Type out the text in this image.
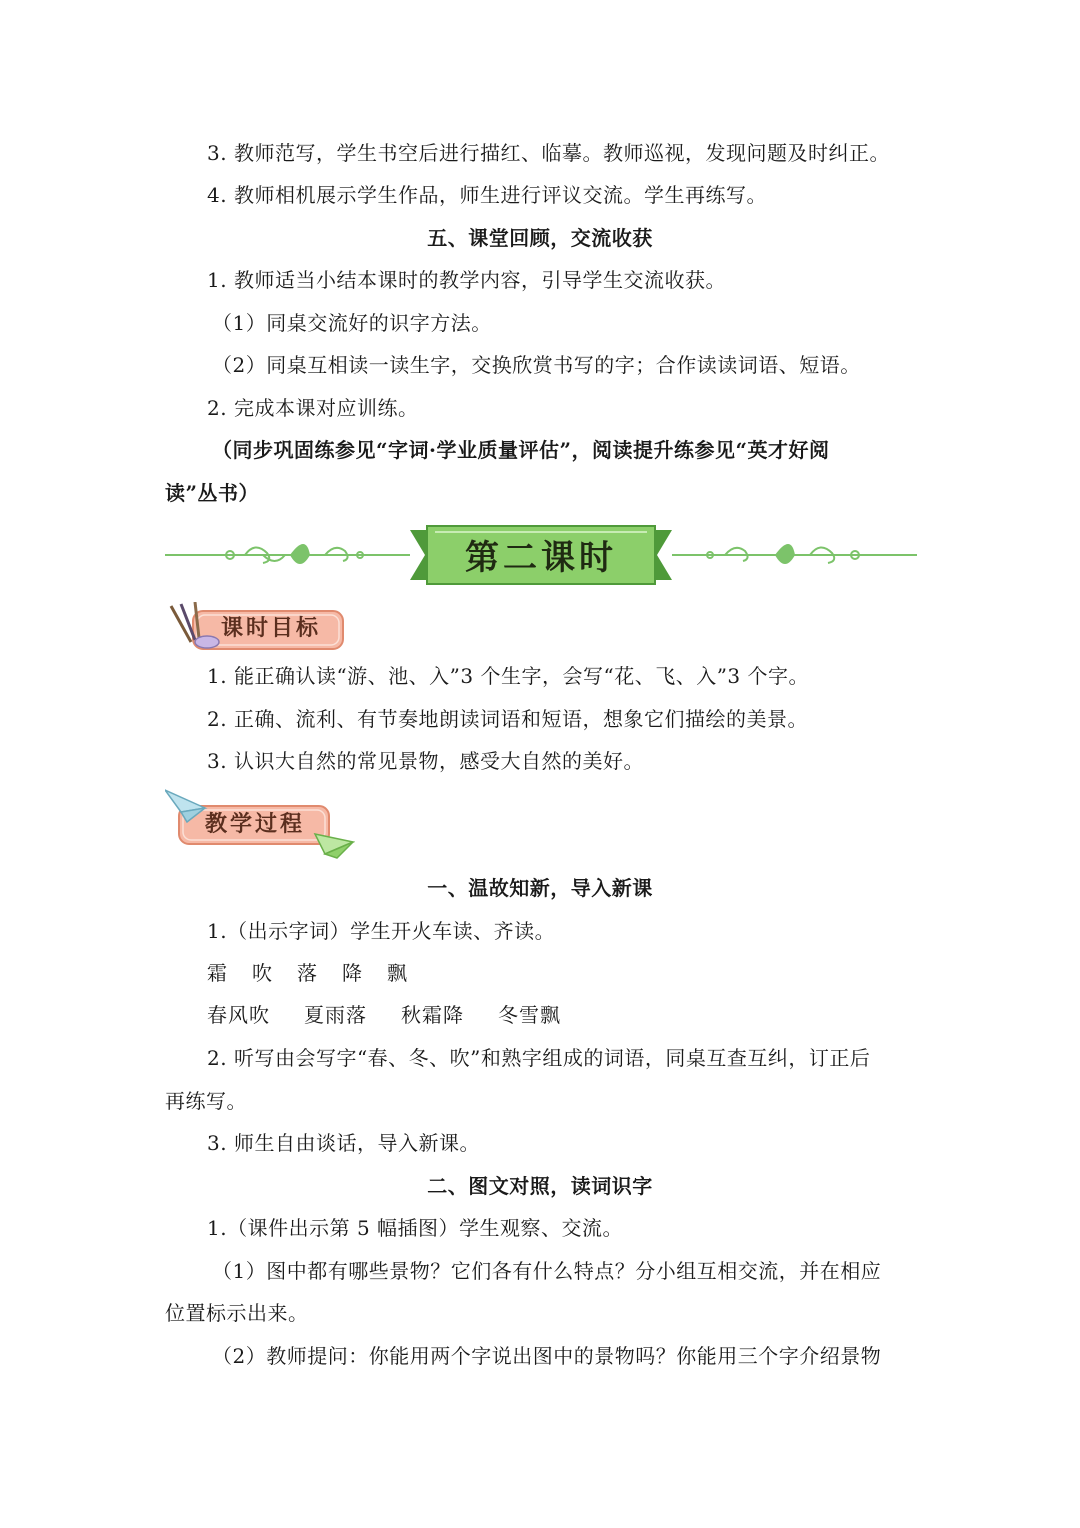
3. 教师范写，学生书空后进行描红、临摹。教师巡视，发现问题及时纠正。
4. 教师相机展示学生作品，师生进行评议交流。学生再练写。
五、课堂回顾，交流收获
1. 教师适当小结本课时的教学内容，引导学生交流收获。
（1）同桌交流好的识字方法。
（2）同桌互相读一读生字，交换欣赏书写的字；合作读读词语、短语。
2. 完成本课对应训练。
（同步巩固练参见“字词·学业质量评估”，阅读提升练参见“英才好阅
读”丛书）
第二课时
课时目标
1. 能正确认读“游、池、入”3 个生字，会写“花、飞、入”3 个字。
2. 正确、流利、有节奏地朗读词语和短语，想象它们描绘的美景。
3. 认识大自然的常见景物，感受大自然的美好。
教学过程
一、温故知新，导入新课
1.（出示字词）学生开火车读、齐读。
霜 吹 落 降 飘
春风吹 夏雨落 秋霜降 冬雪飘
2. 听写由会写字“春、冬、吹”和熟字组成的词语，同桌互查互纠，订正后
再练写。
3. 师生自由谈话，导入新课。
二、图文对照，读词识字
1.（课件出示第 5 幅插图）学生观察、交流。
（1）图中都有哪些景物？它们各有什么特点？分小组互相交流，并在相应
位置标示出来。
（2）教师提问：你能用两个字说出图中的景物吗？你能用三个字介绍景物
